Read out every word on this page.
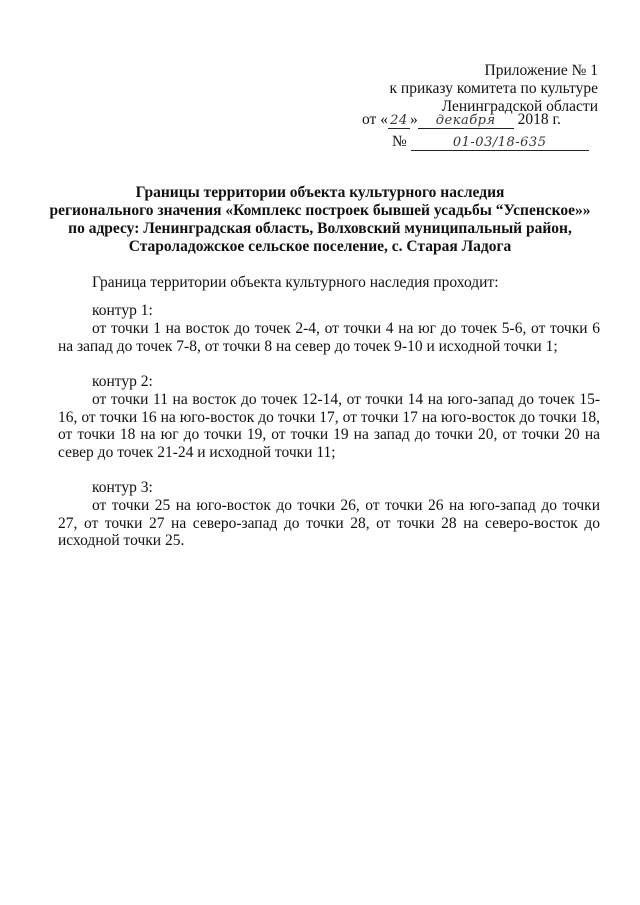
Приложение № 1
к приказу комитета по культуре
Ленинградской области
от « 24 » декабря 2018 г.
№	01-03/18-635
Границы территории объекта культурного наследия
регионального значения «Комплекс построек бывшей усадьбы “Успенское»»
по адресу: Ленинградская область, Волховский муниципальный район,
Староладожское сельское поселение, с. Старая Ладога
Граница территории объекта культурного наследия проходит:
контур 1:
от точки 1 на восток до точек 2-4, от точки 4 на юг до точек 5-6, от точки 6 на запад до точек 7-8, от точки 8 на север до точек 9-10 и исходной точки 1;
контур 2:
от точки 11 на восток до точек 12-14, от точки 14 на юго-запад до точек 15-16, от точки 16 на юго-восток до точки 17, от точки 17 на юго-восток до точки 18, от точки 18 на юг до точки 19, от точки 19 на запад до точки 20, от точки 20 на север до точек 21-24 и исходной точки 11;
контур 3:
от точки 25 на юго-восток до точки 26, от точки 26 на юго-запад до точки 27, от точки 27 на северо-запад до точки 28, от точки 28 на северо-восток до исходной точки 25.
